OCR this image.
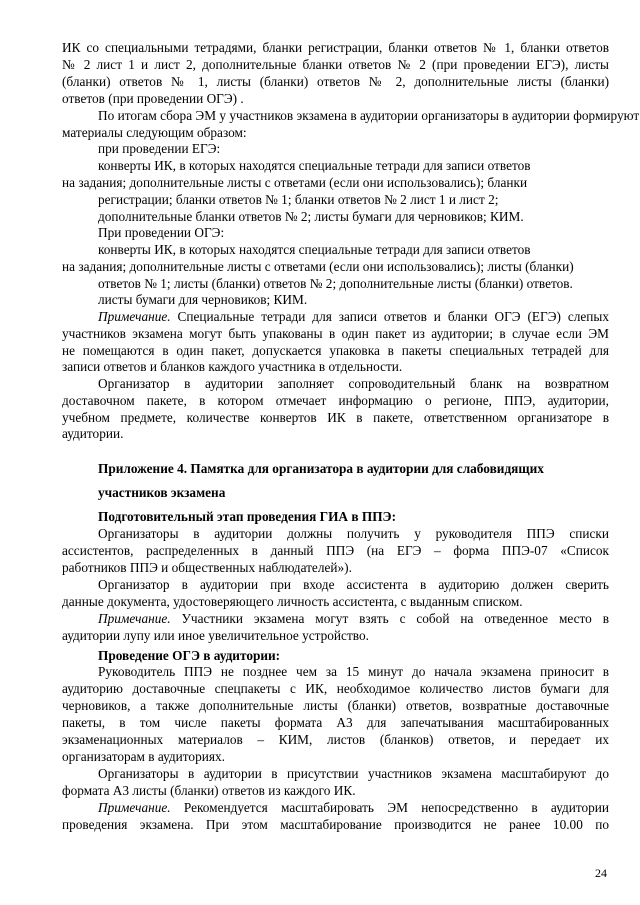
ИК со специальными тетрадями, бланки регистрации, бланки ответов № 1, бланки ответов
№ 2 лист 1 и лист 2, дополнительные бланки ответов № 2 (при проведении ЕГЭ), листы
(бланки) ответов № 1, листы (бланки) ответов № 2, дополнительные листы (бланки)
ответов (при проведении ОГЭ) .
По итогам сбора ЭМ у участников экзамена в аудитории организаторы в аудитории формируют
материалы следующим образом:
при проведении ЕГЭ:
конверты ИК, в которых находятся специальные тетради для записи ответов
на задания; дополнительные листы с ответами (если они использовались); бланки
регистрации; бланки ответов № 1; бланки ответов № 2 лист 1 и лист 2;
дополнительные бланки ответов № 2; листы бумаги для черновиков; КИМ.
При проведении ОГЭ:
конверты ИК, в которых находятся специальные тетради для записи ответов
на задания; дополнительные листы с ответами (если они использовались); листы (бланки)
ответов № 1; листы (бланки) ответов № 2; дополнительные листы (бланки) ответов.
листы бумаги для черновиков; КИМ.
Примечание. Специальные тетради для записи ответов и бланки ОГЭ (ЕГЭ) слепых
участников экзамена могут быть упакованы в один пакет из аудитории; в случае если ЭМ
не помещаются в один пакет, допускается упаковка в пакеты специальных тетрадей для
записи ответов и бланков каждого участника в отдельности.
Организатор в аудитории заполняет сопроводительный бланк на возвратном
доставочном пакете, в котором отмечает информацию о регионе, ППЭ, аудитории,
учебном предмете, количестве конвертов ИК в пакете, ответственном организаторе в
аудитории.
Приложение 4. Памятка для организатора в аудитории для слабовидящих
участников экзамена
Подготовительный этап проведения ГИА в ППЭ:
Организаторы в аудитории должны получить у руководителя ППЭ списки
ассистентов, распределенных в данный ППЭ (на ЕГЭ – форма ППЭ-07 «Список
работников ППЭ и общественных наблюдателей»).
Организатор в аудитории при входе ассистента в аудиторию должен сверить
данные документа, удостоверяющего личность ассистента, с выданным списком.
Примечание. Участники экзамена могут взять с собой на отведенное место в
аудитории лупу или иное увеличительное устройство.
Проведение ОГЭ в аудитории:
Руководитель ППЭ не позднее чем за 15 минут до начала экзамена приносит в
аудиторию доставочные спецпакеты с ИК, необходимое количество листов бумаги для
черновиков, а также дополнительные листы (бланки) ответов, возвратные доставочные
пакеты, в том числе пакеты формата А3 для запечатывания масштабированных
экзаменационных материалов – КИМ, листов (бланков) ответов, и передает их
организаторам в аудиториях.
Организаторы в аудитории в присутствии участников экзамена масштабируют до
формата А3 листы (бланки) ответов из каждого ИК.
Примечание. Рекомендуется масштабировать ЭМ непосредственно в аудитории
проведения экзамена. При этом масштабирование производится не ранее 10.00 по
24
